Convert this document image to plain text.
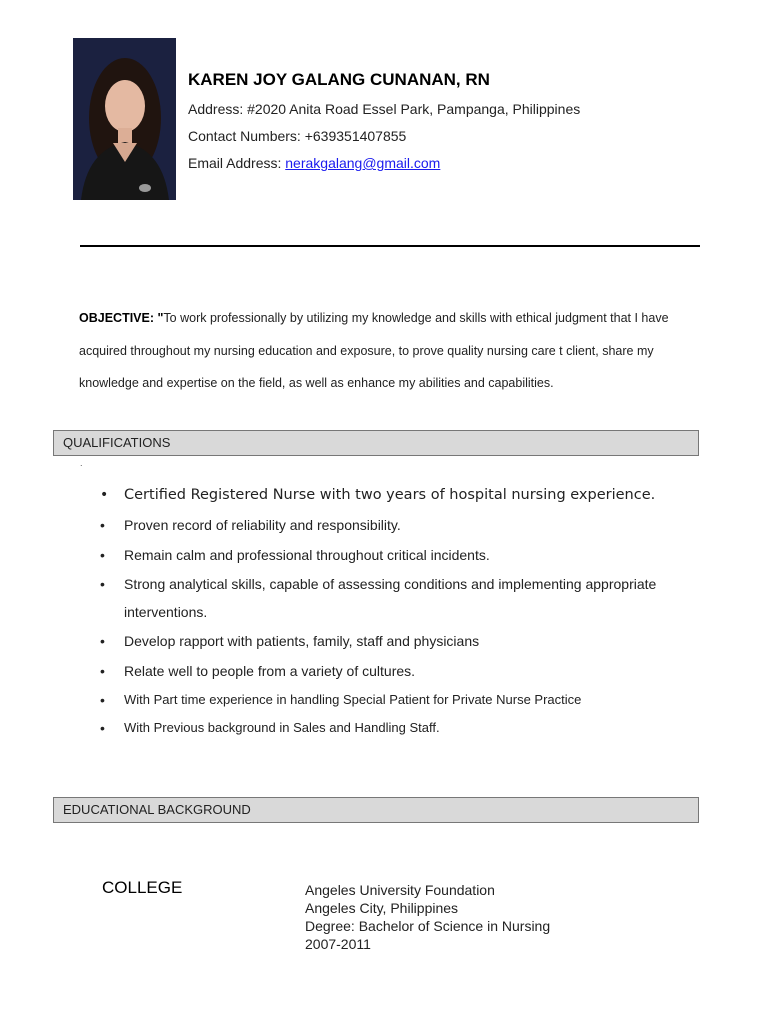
KAREN JOY GALANG CUNANAN, RN
Address: #2020 Anita Road Essel Park, Pampanga, Philippines
Contact Numbers: +639351407855
Email Address: nerakgalang@gmail.com
OBJECTIVE: "To work professionally by utilizing my knowledge and skills with ethical judgment that I have acquired throughout my nursing education and exposure, to prove quality nursing care t client, share my knowledge and expertise on the field, as well as enhance my abilities and capabilities.
QUALIFICATIONS
.
• Certified Registered Nurse with two years of hospital nursing experience.
• Proven record of reliability and responsibility.
• Remain calm and professional throughout critical incidents.
• Strong analytical skills, capable of assessing conditions and implementing appropriate interventions.
• Develop rapport with patients, family, staff and physicians
• Relate well to people from a variety of cultures.
• With Part time experience in handling Special Patient for Private Nurse Practice
• With Previous background in Sales and Handling Staff.
EDUCATIONAL BACKGROUND
COLLEGE	Angeles University Foundation
Angeles City, Philippines
Degree: Bachelor of Science in Nursing
2007-2011
